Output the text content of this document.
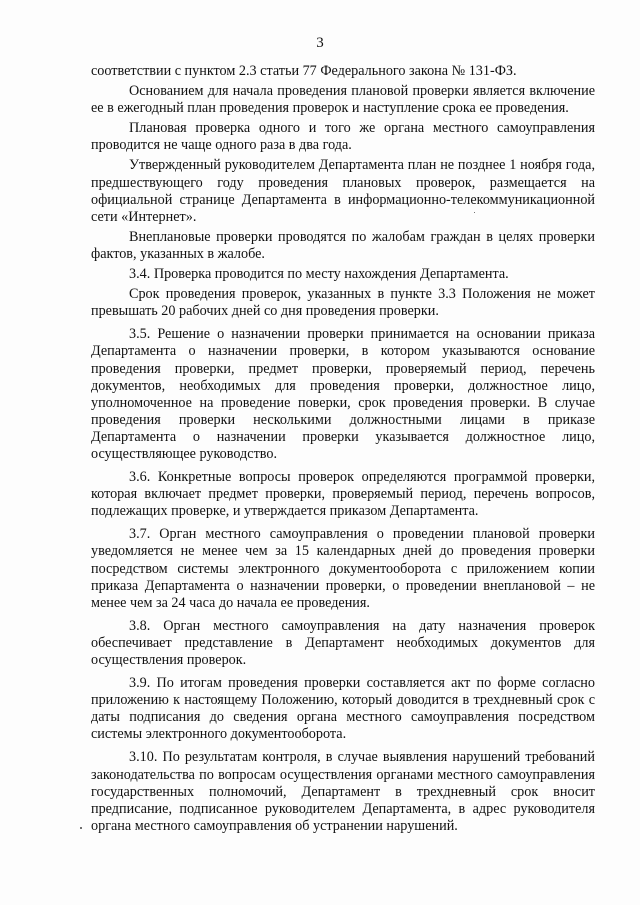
3

соответствии с пунктом 2.3 статьи 77 Федерального закона № 131-ФЗ.

Основанием для начала проведения плановой проверки является включение ее в ежегодный план проведения проверок и наступление срока ее проведения.

Плановая проверка одного и того же органа местного самоуправления проводится не чаще одного раза в два года.

Утвержденный руководителем Департамента план не позднее 1 ноября года, предшествующего году проведения плановых проверок, размещается на официальной странице Департамента в информационно-телекоммуникационной сети «Интернет».

Внеплановые проверки проводятся по жалобам граждан в целях проверки фактов, указанных в жалобе.

3.4. Проверка проводится по месту нахождения Департамента.

Срок проведения проверок, указанных в пункте 3.3 Положения не может превышать 20 рабочих дней со дня проведения проверки.

3.5. Решение о назначении проверки принимается на основании приказа Департамента о назначении проверки, в котором указываются основание проведения проверки, предмет проверки, проверяемый период, перечень документов, необходимых для проведения проверки, должностное лицо, уполномоченное на проведение поверки, срок проведения проверки. В случае проведения проверки несколькими должностными лицами в приказе Департамента о назначении проверки указывается должностное лицо, осуществляющее руководство.

3.6. Конкретные вопросы проверок определяются программой проверки, которая включает предмет проверки, проверяемый период, перечень вопросов, подлежащих проверке, и утверждается приказом Департамента.

3.7. Орган местного самоуправления о проведении плановой проверки уведомляется не менее чем за 15 календарных дней до проведения проверки посредством системы электронного документооборота с приложением копии приказа Департамента о назначении проверки, о проведении внеплановой – не менее чем за 24 часа до начала ее проведения.

3.8. Орган местного самоуправления на дату назначения проверок обеспечивает представление в Департамент необходимых документов для осуществления проверок.

3.9. По итогам проведения проверки составляется акт по форме согласно приложению к настоящему Положению, который доводится в трехдневный срок с даты подписания до сведения органа местного самоуправления посредством системы электронного документооборота.

3.10. По результатам контроля, в случае выявления нарушений требований законодательства по вопросам осуществления органами местного самоуправления государственных полномочий, Департамент в трехдневный срок вносит предписание, подписанное руководителем Департамента, в адрес руководителя органа местного самоуправления об устранении нарушений.
